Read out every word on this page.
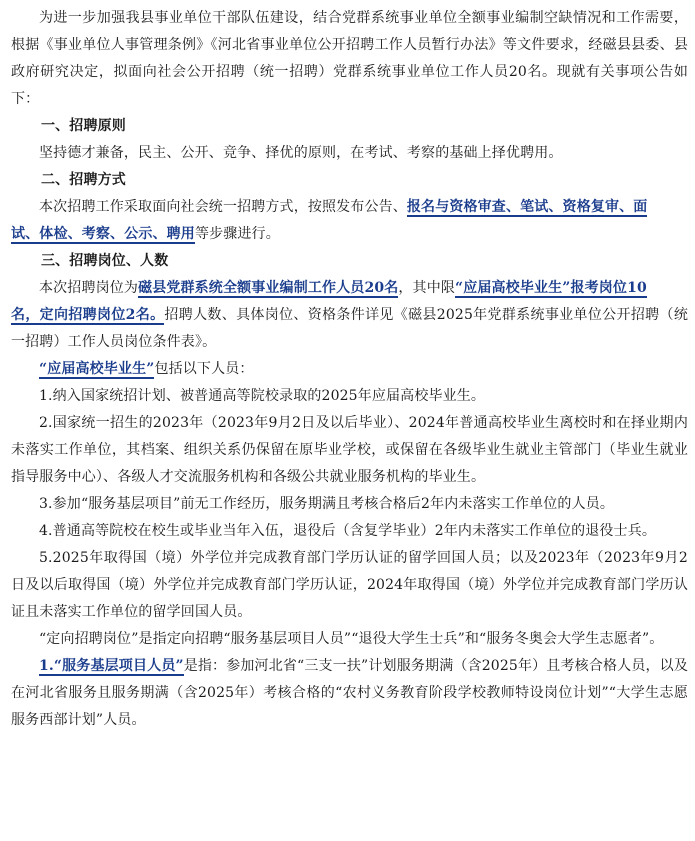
为进一步加强我县事业单位干部队伍建设，结合党群系统事业单位全额事业编制空缺情况和工作需要，根据《事业单位人事管理条例》《河北省事业单位公开招聘工作人员暂行办法》等文件要求，经磁县县委、县政府研究决定，拟面向社会公开招聘（统一招聘）党群系统事业单位工作人员20名。现就有关事项公告如下：

一、招聘原则

坚持德才兼备，民主、公开、竞争、择优的原则，在考试、考察的基础上择优聘用。

二、招聘方式

本次招聘工作采取面向社会统一招聘方式，按照发布公告、报名与资格审查、笔试、资格复审、面
试、体检、考察、公示、聘用等步骤进行。

三、招聘岗位、人数

本次招聘岗位为磁县党群系统全额事业编制工作人员20名，其中限“应届高校毕业生”报考岗位10
名，定向招聘岗位2名。招聘人数、具体岗位、资格条件详见《磁县2025年党群系统事业单位公开招聘（统一招聘）工作人员岗位条件表》。

“应届高校毕业生”包括以下人员：

1.纳入国家统招计划、被普通高等院校录取的2025年应届高校毕业生。

2.国家统一招生的2023年（2023年9月2日及以后毕业）、2024年普通高校毕业生离校时和在择业期内未落实工作单位，其档案、组织关系仍保留在原毕业学校，或保留在各级毕业生就业主管部门（毕业生就业指导服务中心）、各级人才交流服务机构和各级公共就业服务机构的毕业生。

3.参加“服务基层项目”前无工作经历，服务期满且考核合格后2年内未落实工作单位的人员。

4.普通高等院校在校生或毕业当年入伍，退役后（含复学毕业）2年内未落实工作单位的退役士兵。

5.2025年取得国（境）外学位并完成教育部门学历认证的留学回国人员；以及2023年（2023年9月2日及以后取得国（境）外学位并完成教育部门学历认证，2024年取得国（境）外学位并完成教育部门学历认证且未落实工作单位的留学回国人员。

“定向招聘岗位”是指定向招聘“服务基层项目人员”“退役大学生士兵”和“服务冬奥会大学生志愿者”。

1.“服务基层项目人员”是指：参加河北省“三支一扶”计划服务期满（含2025年）且考核合格人员，以及在河北省服务且服务期满（含2025年）考核合格的“农村义务教育阶段学校教师特设岗位计划”“大学生志愿服务西部计划”人员。
